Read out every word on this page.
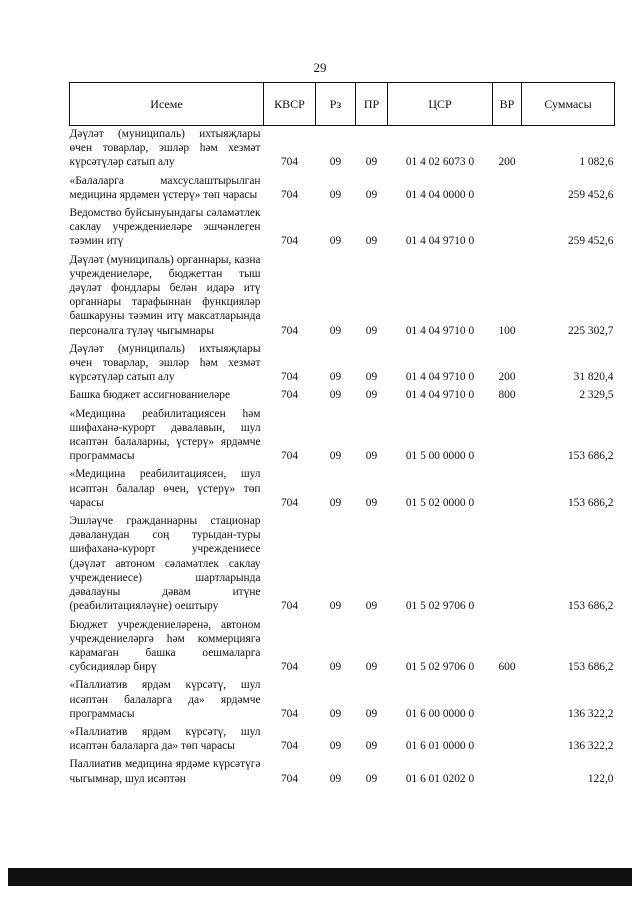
29
Исеме	КВСР	Рз	ПР	ЦСР	ВР	Суммасы
Дәүләт (муниципаль) ихтыяҗлары өчен товарлар, эшләр һәм хезмәт күрсәтүләр сатып алу	704	09	09	01 4 02 6073 0	200	1 082,6
«Балаларга махсуслаштырылган медицина ярдәмен үстерү» төп чарасы	704	09	09	01 4 04 0000 0		259 452,6
Ведомство буйсынуындагы сәламәтлек саклау учреждениеләре эшчәнлеген тәэмин итү	704	09	09	01 4 04 9710 0		259 452,6
Дәүләт (муниципаль) органнары, казна учреждениеләре, бюджеттан тыш дәүләт фондлары белән идарә итү органнары тарафыннан функцияләр башкаруны тәэмин итү максатларында персоналга түләү чыгымнары	704	09	09	01 4 04 9710 0	100	225 302,7
Дәүләт (муниципаль) ихтыяҗлары өчен товарлар, эшләр һәм хезмәт күрсәтүләр сатып алу	704	09	09	01 4 04 9710 0	200	31 820,4
Башка бюджет ассигнованиеләре	704	09	09	01 4 04 9710 0	800	2 329,5
«Медицина реабилитациясен һәм шифаханә-курорт дәвалавын, шул исәптән балаларны, үстерү» ярдәмче программасы	704	09	09	01 5 00 0000 0		153 686,2
«Медицина реабилитациясен, шул исәптән балалар өчен, үстерү» төп чарасы	704	09	09	01 5 02 0000 0		153 686,2
Эшләүче гражданнарны стационар дәваланудан соң турыдан-туры шифаханә-курорт учреждениесе (дәүләт автоном сәламәтлек саклау учреждениесе) шартларында дәвалауны дәвам итүне (реабилитацияләүне) оештыру	704	09	09	01 5 02 9706 0		153 686,2
Бюджет учреждениеләренә, автоном учреждениеләргә һәм коммерциягә карамаган башка оешмаларга субсидияләр бирү	704	09	09	01 5 02 9706 0	600	153 686,2
«Паллиатив ярдәм күрсәтү, шул исәптән балаларга да» ярдәмче программасы	704	09	09	01 6 00 0000 0		136 322,2
«Паллиатив ярдәм күрсәтү, шул исәптән балаларга да» төп чарасы	704	09	09	01 6 01 0000 0		136 322,2
Паллиатив медицина ярдәме күрсәтүгә чыгымнар, шул исәптән	704	09	09	01 6 01 0202 0		122,0
